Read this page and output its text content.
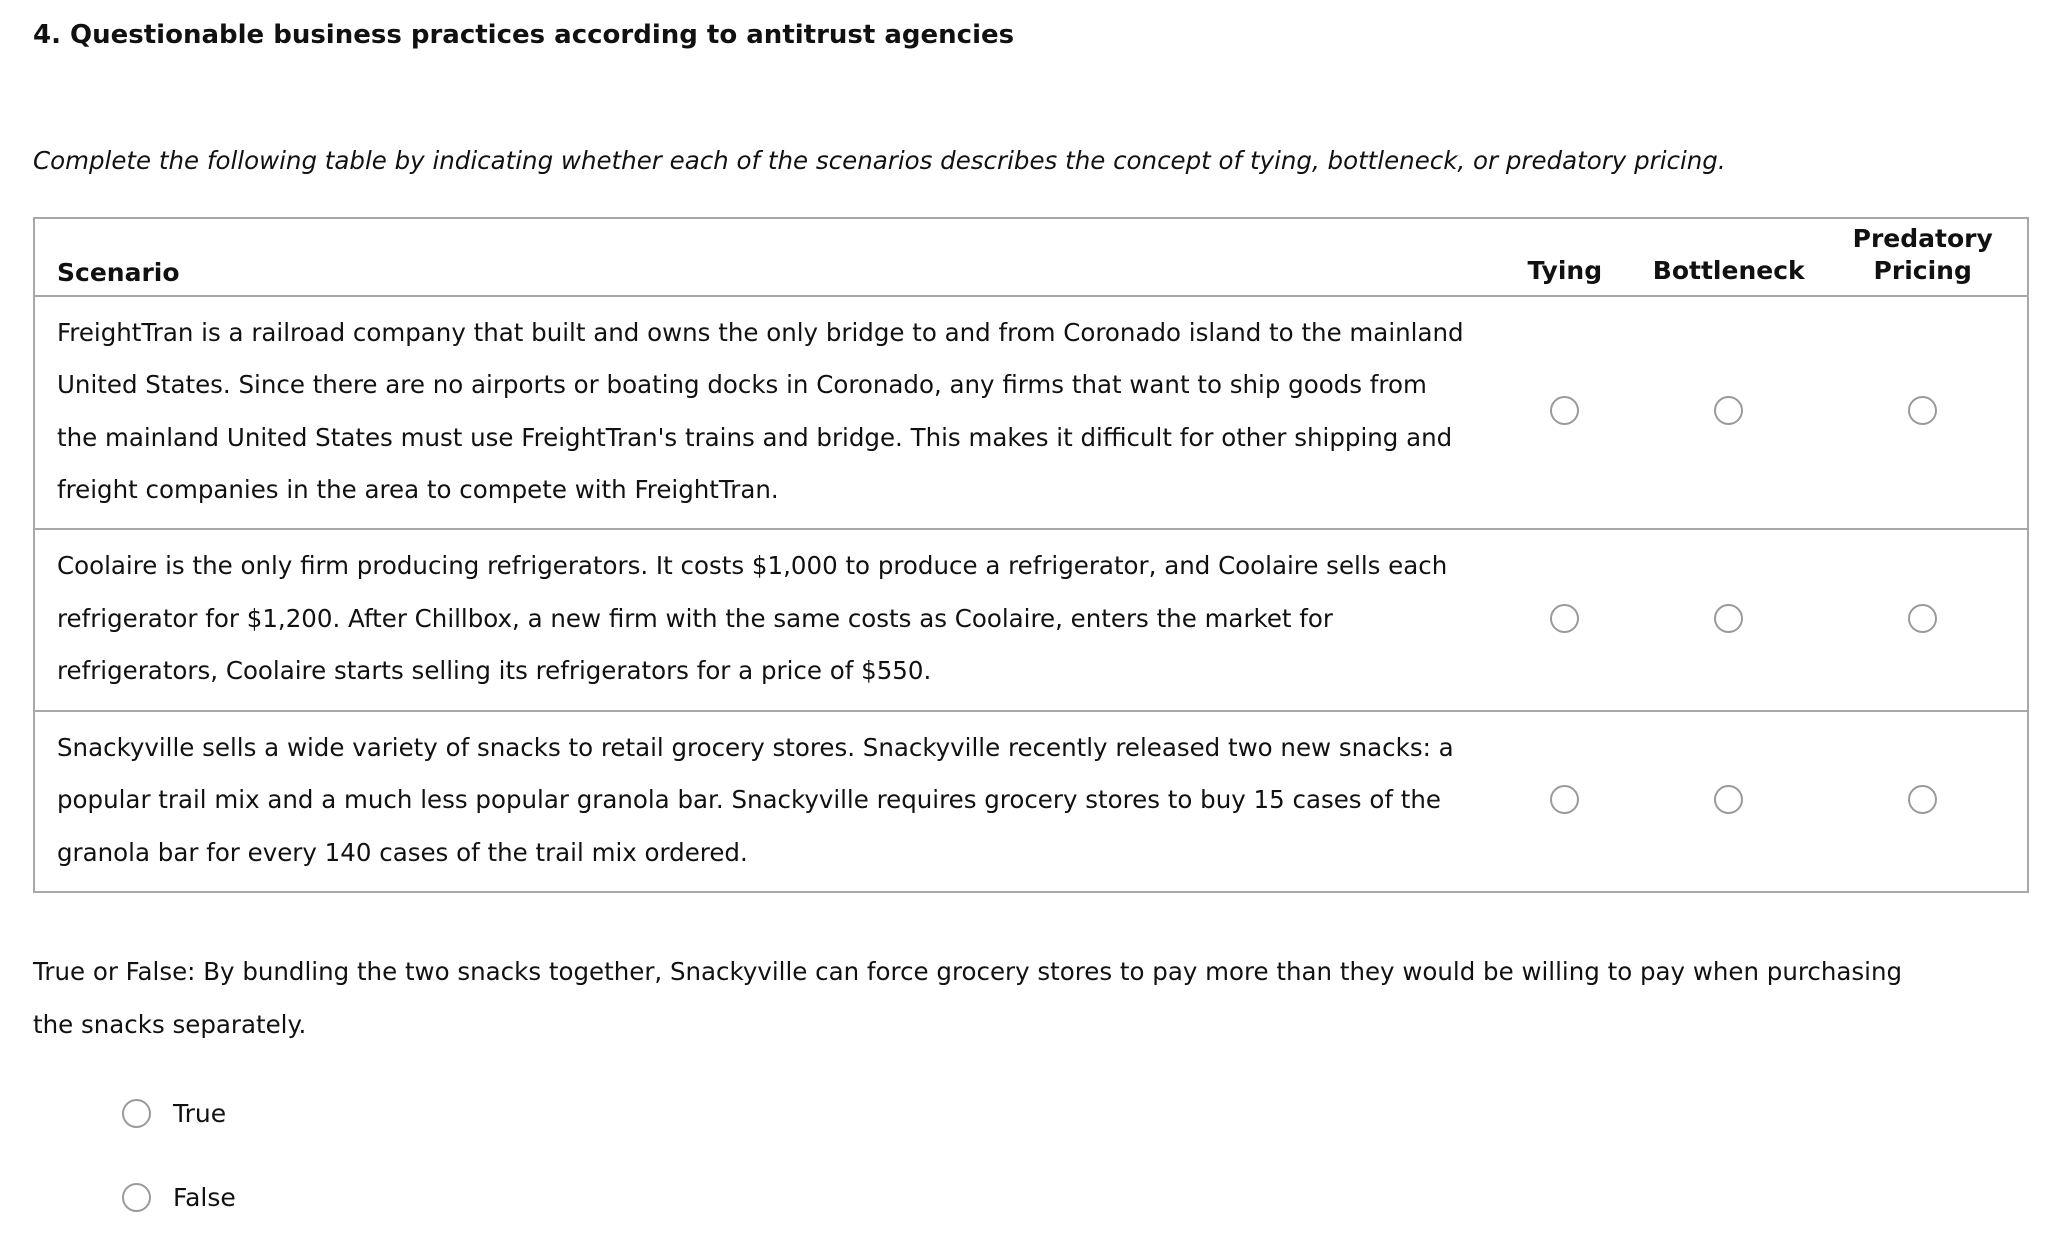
4. Questionable business practices according to antitrust agencies
Complete the following table by indicating whether each of the scenarios describes the concept of tying, bottleneck, or predatory pricing.
Scenario	Tying	Bottleneck	Predatory
Pricing
FreightTran is a railroad company that built and owns the only bridge to and from Coronado island to the mainland United States. Since there are no airports or boating docks in Coronado, any firms that want to ship goods from the mainland United States must use FreightTran's trains and bridge. This makes it difficult for other shipping and freight companies in the area to compete with FreightTran.			
Coolaire is the only firm producing refrigerators. It costs $1,000 to produce a refrigerator, and Coolaire sells each refrigerator for $1,200. After Chillbox, a new firm with the same costs as Coolaire, enters the market for refrigerators, Coolaire starts selling its refrigerators for a price of $550.			
Snackyville sells a wide variety of snacks to retail grocery stores. Snackyville recently released two new snacks: a popular trail mix and a much less popular granola bar. Snackyville requires grocery stores to buy 15 cases of the granola bar for every 140 cases of the trail mix ordered.			
True or False: By bundling the two snacks together, Snackyville can force grocery stores to pay more than they would be willing to pay when purchasing the snacks separately.
True
False
